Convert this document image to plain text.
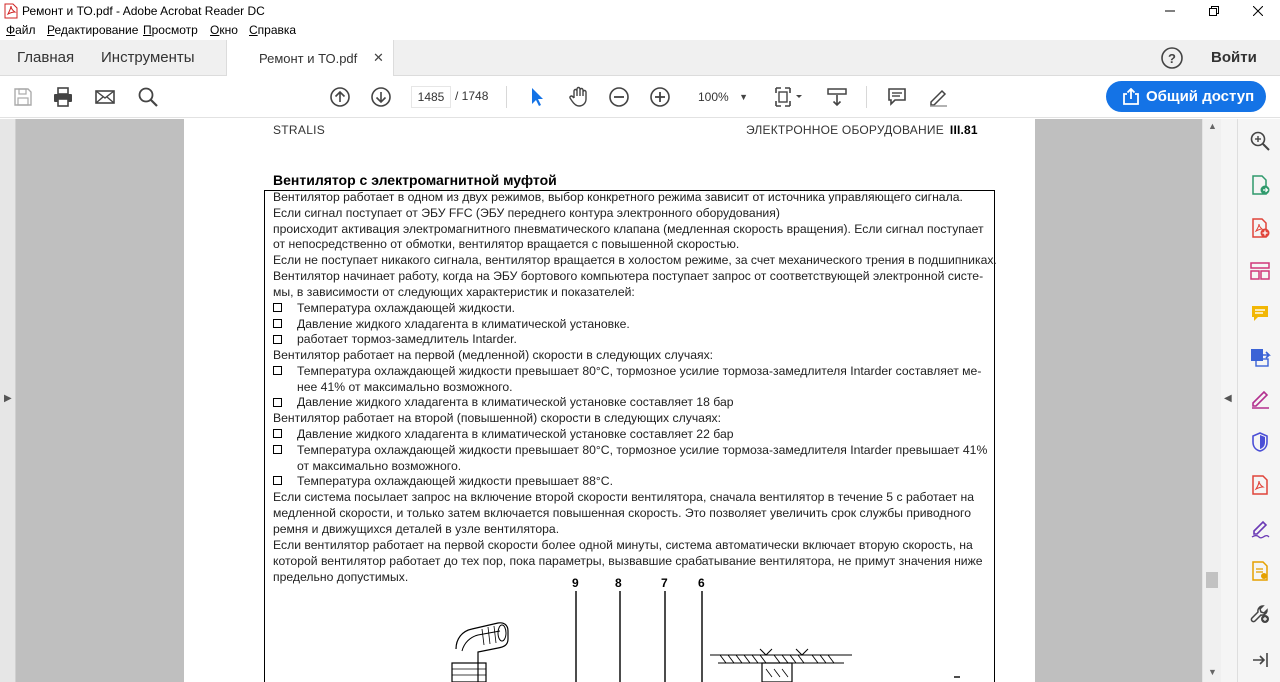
Ремонт и ТО.pdf - Adobe Acrobat Reader DC
Файл Редактирование Просмотр Окно Справка
Главная Инструменты	Ремонт и ТО.pdf ✕	? Войти
1485 / 1748	100% ▼	Общий доступ
▶
STRALIS	ЭЛЕКТРОННОЕ ОБОРУДОВАНИЕ III.81
Вентилятор с электромагнитной муфтой
Вентилятор работает в одном из двух режимов, выбор конкретного режима зависит от источника управляющего сигнала.
Если сигнал поступает от ЭБУ FFC (ЭБУ переднего контура электронного оборудования)
происходит активация электромагнитного пневматического клапана (медленная скорость вращения). Если сигнал поступает
от непосредственно от обмотки, вентилятор вращается с повышенной скоростью.
Если не поступает никакого сигнала, вентилятор вращается в холостом режиме, за счет механического трения в подшипниках.
Вентилятор начинает работу, когда на ЭБУ бортового компьютера поступает запрос от соответствующей электронной систе-
мы, в зависимости от следующих характеристик и показателей:
Температура охлаждающей жидкости.
Давление жидкого хладагента в климатической установке.
работает тормоз-замедлитель Intarder.
Вентилятор работает на первой (медленной) скорости в следующих случаях:
Температура охлаждающей жидкости превышает 80°С, тормозное усилие тормоза-замедлителя Intarder составляет ме-
нее 41% от максимально возможного.
Давление жидкого хладагента в климатической установке составляет 18 бар
Вентилятор работает на второй (повышенной) скорости в следующих случаях:
Давление жидкого хладагента в климатической установке составляет 22 бар
Температура охлаждающей жидкости превышает 80°С, тормозное усилие тормоза-замедлителя Intarder превышает 41%
от максимально возможного.
Температура охлаждающей жидкости превышает 88°С.
Если система посылает запрос на включение второй скорости вентилятора, сначала вентилятор в течение 5 с работает на
медленной скорости, и только затем включается повышенная скорость. Это позволяет увеличить срок службы приводного
ремня и движущихся деталей в узле вентилятора.
Если вентилятор работает на первой скорости более одной минуты, система автоматически включает вторую скорость, на
которой вентилятор работает до тех пор, пока параметры, вызвавшие срабатывание вентилятора, не примут значения ниже
предельно допустимых.	9	8	7	6
▲
▼
◀
